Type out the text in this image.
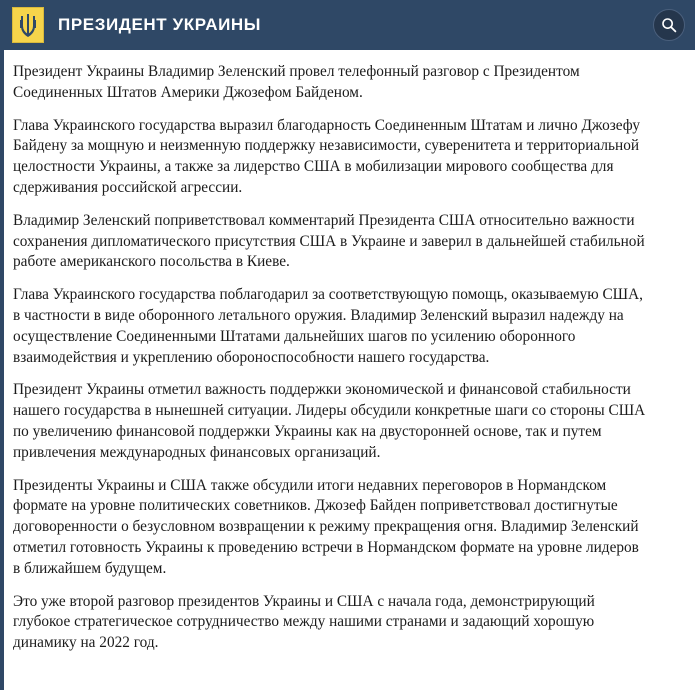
ПРЕЗИДЕНТ УКРАИНЫ

Президент Украины Владимир Зеленский провел телефонный разговор с Президентом Соединенных Штатов Америки Джозефом Байденом.

Глава Украинского государства выразил благодарность Соединенным Штатам и лично Джозефу Байдену за мощную и неизменную поддержку независимости, суверенитета и территориальной целостности Украины, а также за лидерство США в мобилизации мирового сообщества для сдерживания российской агрессии.

Владимир Зеленский поприветствовал комментарий Президента США относительно важности сохранения дипломатического присутствия США в Украине и заверил в дальнейшей стабильной работе американского посольства в Киеве.

Глава Украинского государства поблагодарил за соответствующую помощь, оказываемую США, в частности в виде оборонного летального оружия. Владимир Зеленский выразил надежду на осуществление Соединенными Штатами дальнейших шагов по усилению оборонного взаимодействия и укреплению обороноспособности нашего государства.

Президент Украины отметил важность поддержки экономической и финансовой стабильности нашего государства в нынешней ситуации. Лидеры обсудили конкретные шаги со стороны США по увеличению финансовой поддержки Украины как на двусторонней основе, так и путем привлечения международных финансовых организаций.

Президенты Украины и США также обсудили итоги недавних переговоров в Нормандском формате на уровне политических советников. Джозеф Байден поприветствовал достигнутые договоренности о безусловном возвращении к режиму прекращения огня. Владимир Зеленский отметил готовность Украины к проведению встречи в Нормандском формате на уровне лидеров в ближайшем будущем.

Это уже второй разговор президентов Украины и США с начала года, демонстрирующий глубокое стратегическое сотрудничество между нашими странами и задающий хорошую динамику на 2022 год.
